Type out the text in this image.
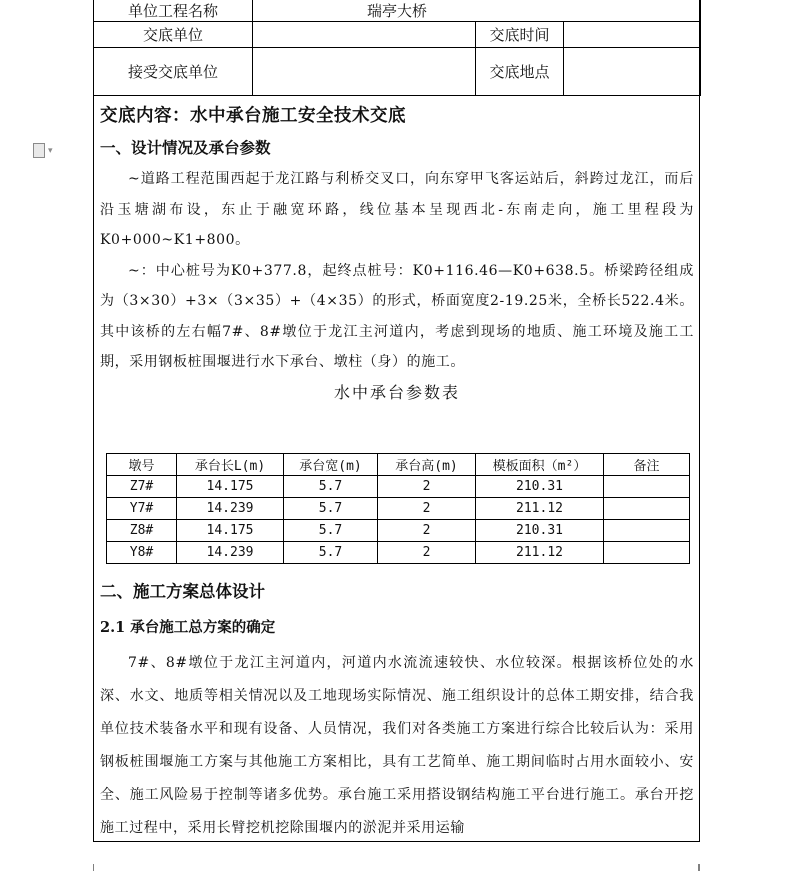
▾
单位工程名称	瑞亭大桥		
交底单位		交底时间	
接受交底单位		交底地点	

交底内容：水中承台施工安全技术交底

一、设计情况及承台参数

~道路工程范围西起于龙江路与利桥交叉口，向东穿甲飞客运站后，斜跨过龙江，而后沿玉塘湖布设，东止于融宽环路，线位基本呈现西北-东南走向，施工里程段为K0+000~K1+800。

~：中心桩号为K0+377.8，起终点桩号：K0+116.46—K0+638.5。桥梁跨径组成为（3×30）+3×（3×35）+（4×35）的形式，桥面宽度2-19.25米，全桥长522.4米。其中该桥的左右幅7#、8#墩位于龙江主河道内，考虑到现场的地质、施工环境及施工工期，采用钢板桩围堰进行水下承台、墩柱（身）的施工。

水中承台参数表

墩号	承台长L(m)	承台宽(m)	承台高(m)	模板面积（m²）	备注
Z7#	14.175	5.7	2	210.31	
Y7#	14.239	5.7	2	211.12	
Z8#	14.175	5.7	2	210.31	
Y8#	14.239	5.7	2	211.12	

二、施工方案总体设计

2.1 承台施工总方案的确定

7#、8#墩位于龙江主河道内，河道内水流流速较快、水位较深。根据该桥位处的水深、水文、地质等相关情况以及工地现场实际情况、施工组织设计的总体工期安排，结合我单位技术装备水平和现有设备、人员情况，我们对各类施工方案进行综合比较后认为：采用钢板桩围堰施工方案与其他施工方案相比，具有工艺简单、施工期间临时占用水面较小、安全、施工风险易于控制等诸多优势。承台施工采用搭设钢结构施工平台进行施工。承台开挖施工过程中，采用长臂挖机挖除围堰内的淤泥并采用运输
